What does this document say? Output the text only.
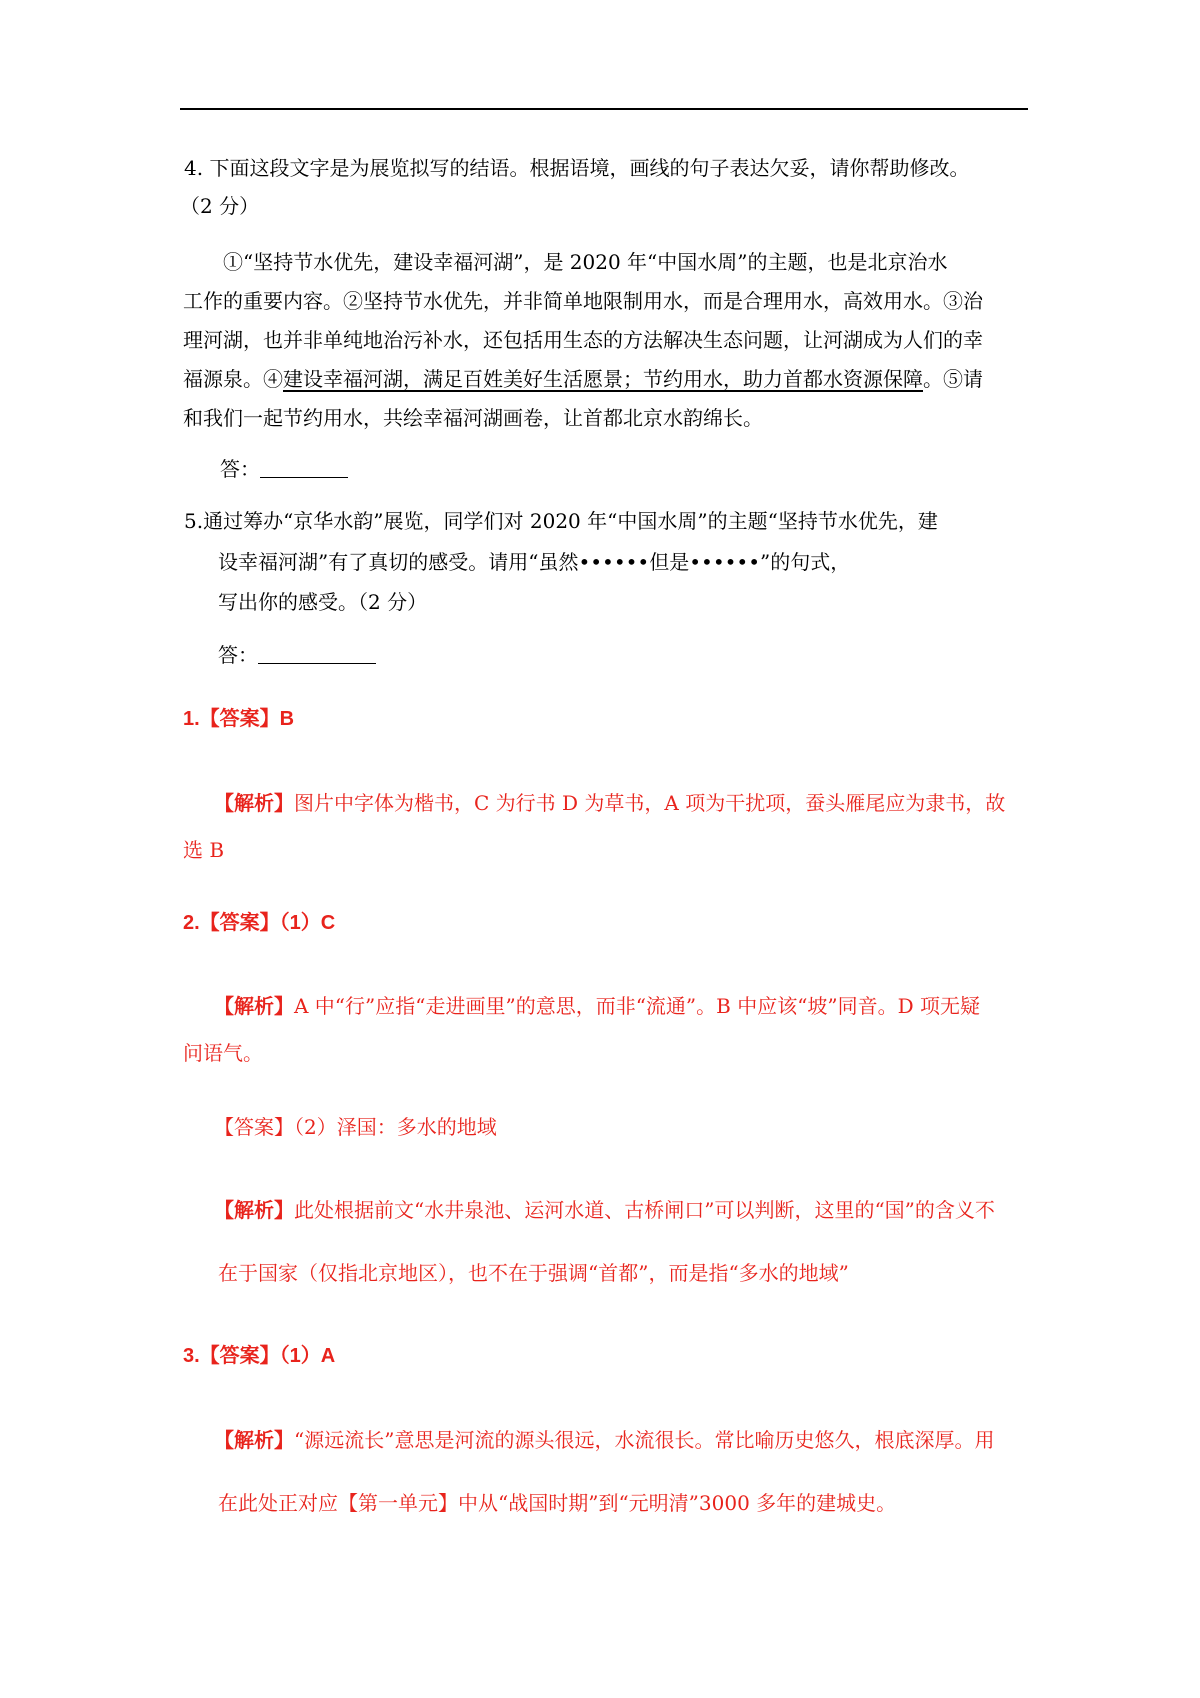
4. 下面这段文字是为展览拟写的结语。根据语境，画线的句子表达欠妥，请你帮助修改。
（2 分）
①“坚持节水优先，建设幸福河湖”，是 2020 年“中国水周”的主题，也是北京治水
工作的重要内容。②坚持节水优先，并非简单地限制用水，而是合理用水，高效用水。③治
理河湖，也并非单纯地治污补水，还包括用生态的方法解决生态问题，让河湖成为人们的幸
福源泉。④建设幸福河湖，满足百姓美好生活愿景；节约用水，助力首都水资源保障。⑤请
和我们一起节约用水，共绘幸福河湖画卷，让首都北京水韵绵长。
答：
5.通过筹办“京华水韵”展览，同学们对 2020 年“中国水周”的主题“坚持节水优先，建
设幸福河湖”有了真切的感受。请用“虽然••••••但是••••••”的句式，
写出你的感受。（2 分）
答：
1.【答案】B
【解析】图片中字体为楷书，C 为行书 D 为草书，A 项为干扰项，蚕头雁尾应为隶书，故
选 B
2.【答案】（1）C
【解析】A 中“行”应指“走进画里”的意思，而非“流通”。B 中应该“坡”同音。D 项无疑
问语气。
【答案】（2）泽国：多水的地域
【解析】此处根据前文“水井泉池、运河水道、古桥闸口”可以判断，这里的“国”的含义不
在于国家（仅指北京地区），也不在于强调“首都”，而是指“多水的地域”
3.【答案】（1）A
【解析】“源远流长”意思是河流的源头很远，水流很长。常比喻历史悠久，根底深厚。用
在此处正对应【第一单元】中从“战国时期”到“元明清”3000 多年的建城史。
